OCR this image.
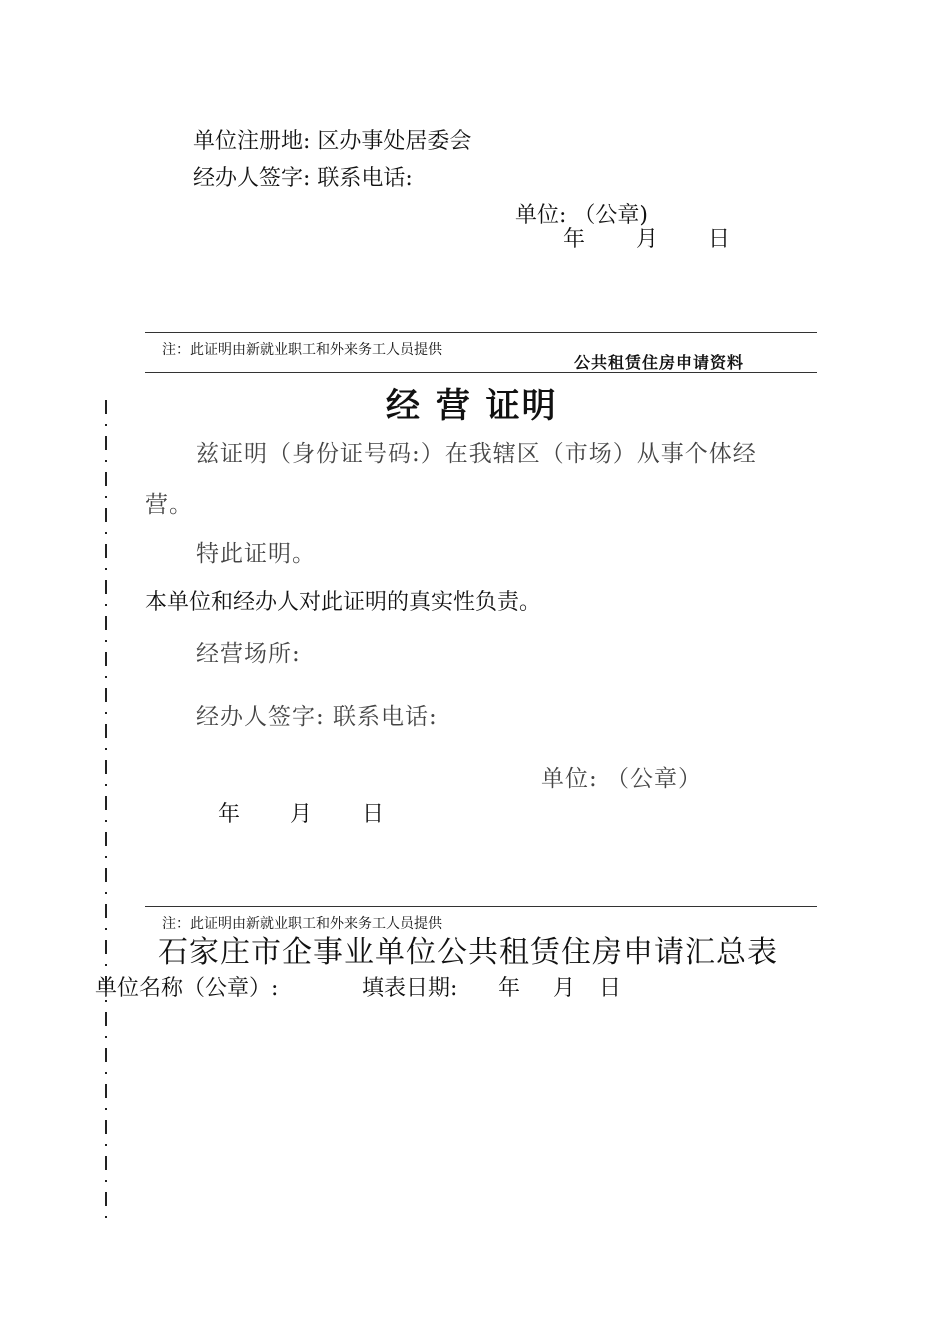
单位注册地: 区办事处居委会
经办人签字: 联系电话:
单位: （公章)
年 月 日
注：此证明由新就业职工和外来务工人员提供
公共租赁住房申请资料
经 营 证明
兹证明（身份证号码:）在我辖区（市场）从事个体经
营。
特此证明。
本单位和经办人对此证明的真实性负责。
经营场所:
经办人签字: 联系电话:
单位: （公章）
年 月 日
注：此证明由新就业职工和外来务工人员提供
石家庄市企事业单位公共租赁住房申请汇总表
单位名称（公章）:	填表日期: 年 月 日
